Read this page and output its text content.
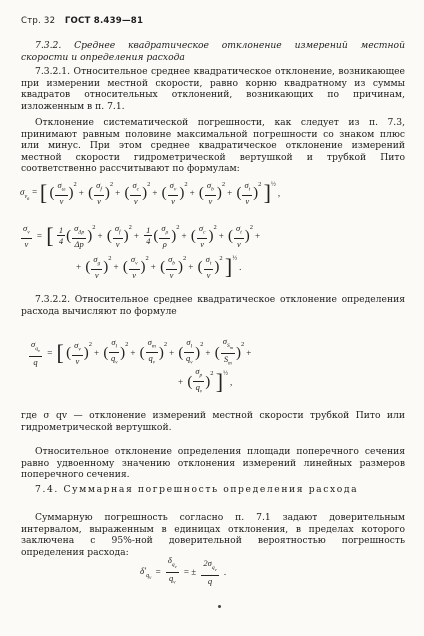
Стр. 32 ГОСТ 8.439—81
7.3.2. Среднее квадратическое отклонение измерений местной скорости и определения расхода
7.3.2.1. Относительное среднее квадратическое отклонение, возникающее при измерении местной скорости, равно корню квадратному из суммы квадратов относительных отклонений, возникающих по причинам, изложенным в п. 7.1.
Отклонение систематической погрешности, как следует из п. 7.3, принимают равным половине максимальной погрешности со знаком плюс или минус. При этом среднее квадратическое отклонение измерений местной скорости гидрометрической вертушкой и трубкой Пито соответственно рассчитывают по формулам:
$\sigma_{v_в}$ = [ ( $\frac{\sigma_\omega}{v} )2+$ ( $\frac{\sigma_f}{v} )2+$ ( $\frac{\sigma_c}{v} )2+$ ( $\frac{\sigma_v}{v} )2+$ ( $\frac{\sigma_b}{v} )2+$ ( $\frac{\sigma_t}{v} )2$ ]½,
$\frac{\sigma_v}{v}$ = [ $\frac{1}{4}$ ( $\frac{\sigma_{\Delta p}}{\Delta p} )2+$ ( $\frac{\sigma_f}{v} )2+ \frac{1}{4}$ ( $\frac{\sigma_\rho}{\rho} )2+$ ( $\frac{\sigma_c}{v} )2+$ ( $\frac{\sigma_t}{v} )2+$
+ ( $\frac{\sigma_g}{v} )2+$ ( $\frac{\sigma_v}{v} )2+$ ( $\frac{\sigma_b}{v} )2+$ ( $\frac{\sigma_t}{v} )2$ ]½.
7.3.2.2. Относительное среднее квадратическое отклонение определения расхода вычисляют по формуле
$\frac{\sigma_{q_v}}{q}$ = [ ( $\frac{\sigma_v}{v} )2+$ ( $\frac{\sigma_l}{q_v} )2+$ ( $\frac{\sigma_m}{q_v} )2+$ ( $\frac{\sigma_l}{q_v} )2+$ ( $\frac{\sigma_{S_т}}{S_т} )2+$
+ ( $\frac{\sigma_p}{q_v} )2$ ]½,
где σ qv — отклонение измерений местной скорости трубкой Пито или гидрометрической вертушкой.
Относительное отклонение определения площади поперечного сечения равно удвоенному значению отклонения измерений линейных размеров поперечного сечения.
7.4. Суммарная погрешность определения расхода
Суммарную погрешность согласно п. 7.1 задают доверительным интервалом, выраженным в единицах отклонения, в пределах которого заключена с 95%-ной доверительной вероятностью погрешность определения расхода:
$\delta'_{q_v} = \frac{\delta_{q_v}}{q_v}$ = ± $\frac{2\sigma_{q_v}}{q}$ .
